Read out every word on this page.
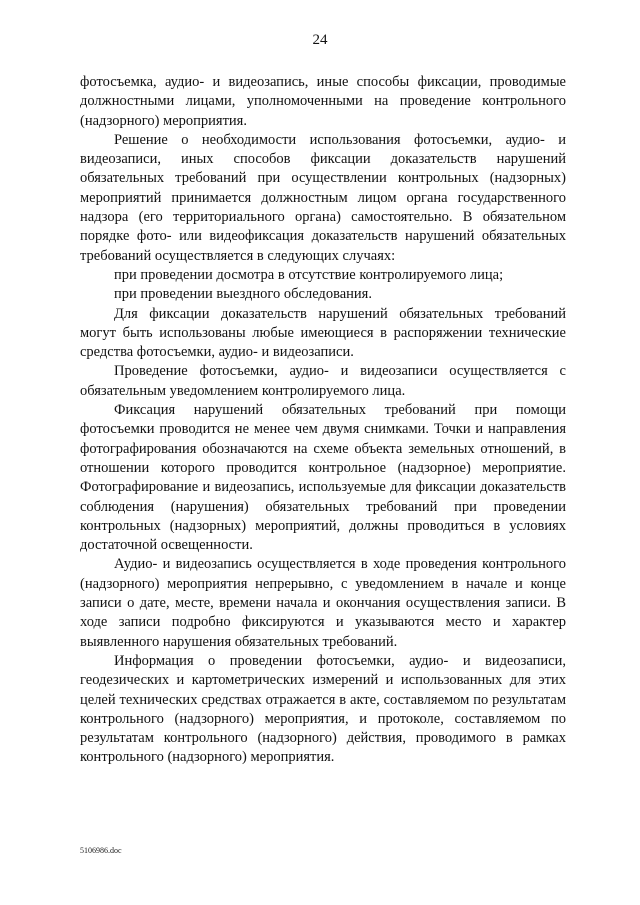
24

фотосъемка, аудио- и видеозапись, иные способы фиксации, проводимые должностными лицами, уполномоченными на проведение контрольного (надзорного) мероприятия.

Решение о необходимости использования фотосъемки, аудио- и видеозаписи, иных способов фиксации доказательств нарушений обязательных требований при осуществлении контрольных (надзорных) мероприятий принимается должностным лицом органа государственного надзора (его территориального органа) самостоятельно. В обязательном порядке фото- или видеофиксация доказательств нарушений обязательных требований осуществляется в следующих случаях:

при проведении досмотра в отсутствие контролируемого лица;

при проведении выездного обследования.

Для фиксации доказательств нарушений обязательных требований могут быть использованы любые имеющиеся в распоряжении технические средства фотосъемки, аудио- и видеозаписи.

Проведение фотосъемки, аудио- и видеозаписи осуществляется с обязательным уведомлением контролируемого лица.

Фиксация нарушений обязательных требований при помощи фотосъемки проводится не менее чем двумя снимками. Точки и направления фотографирования обозначаются на схеме объекта земельных отношений, в отношении которого проводится контрольное (надзорное) мероприятие. Фотографирование и видеозапись, используемые для фиксации доказательств соблюдения (нарушения) обязательных требований при проведении контрольных (надзорных) мероприятий, должны проводиться в условиях достаточной освещенности.

Аудио- и видеозапись осуществляется в ходе проведения контрольного (надзорного) мероприятия непрерывно, с уведомлением в начале и конце записи о дате, месте, времени начала и окончания осуществления записи. В ходе записи подробно фиксируются и указываются место и характер выявленного нарушения обязательных требований.

Информация о проведении фотосъемки, аудио- и видеозаписи, геодезических и картометрических измерений и использованных для этих целей технических средствах отражается в акте, составляемом по результатам контрольного (надзорного) мероприятия, и протоколе, составляемом по результатам контрольного (надзорного) действия, проводимого в рамках контрольного (надзорного) мероприятия.

5106986.doc
